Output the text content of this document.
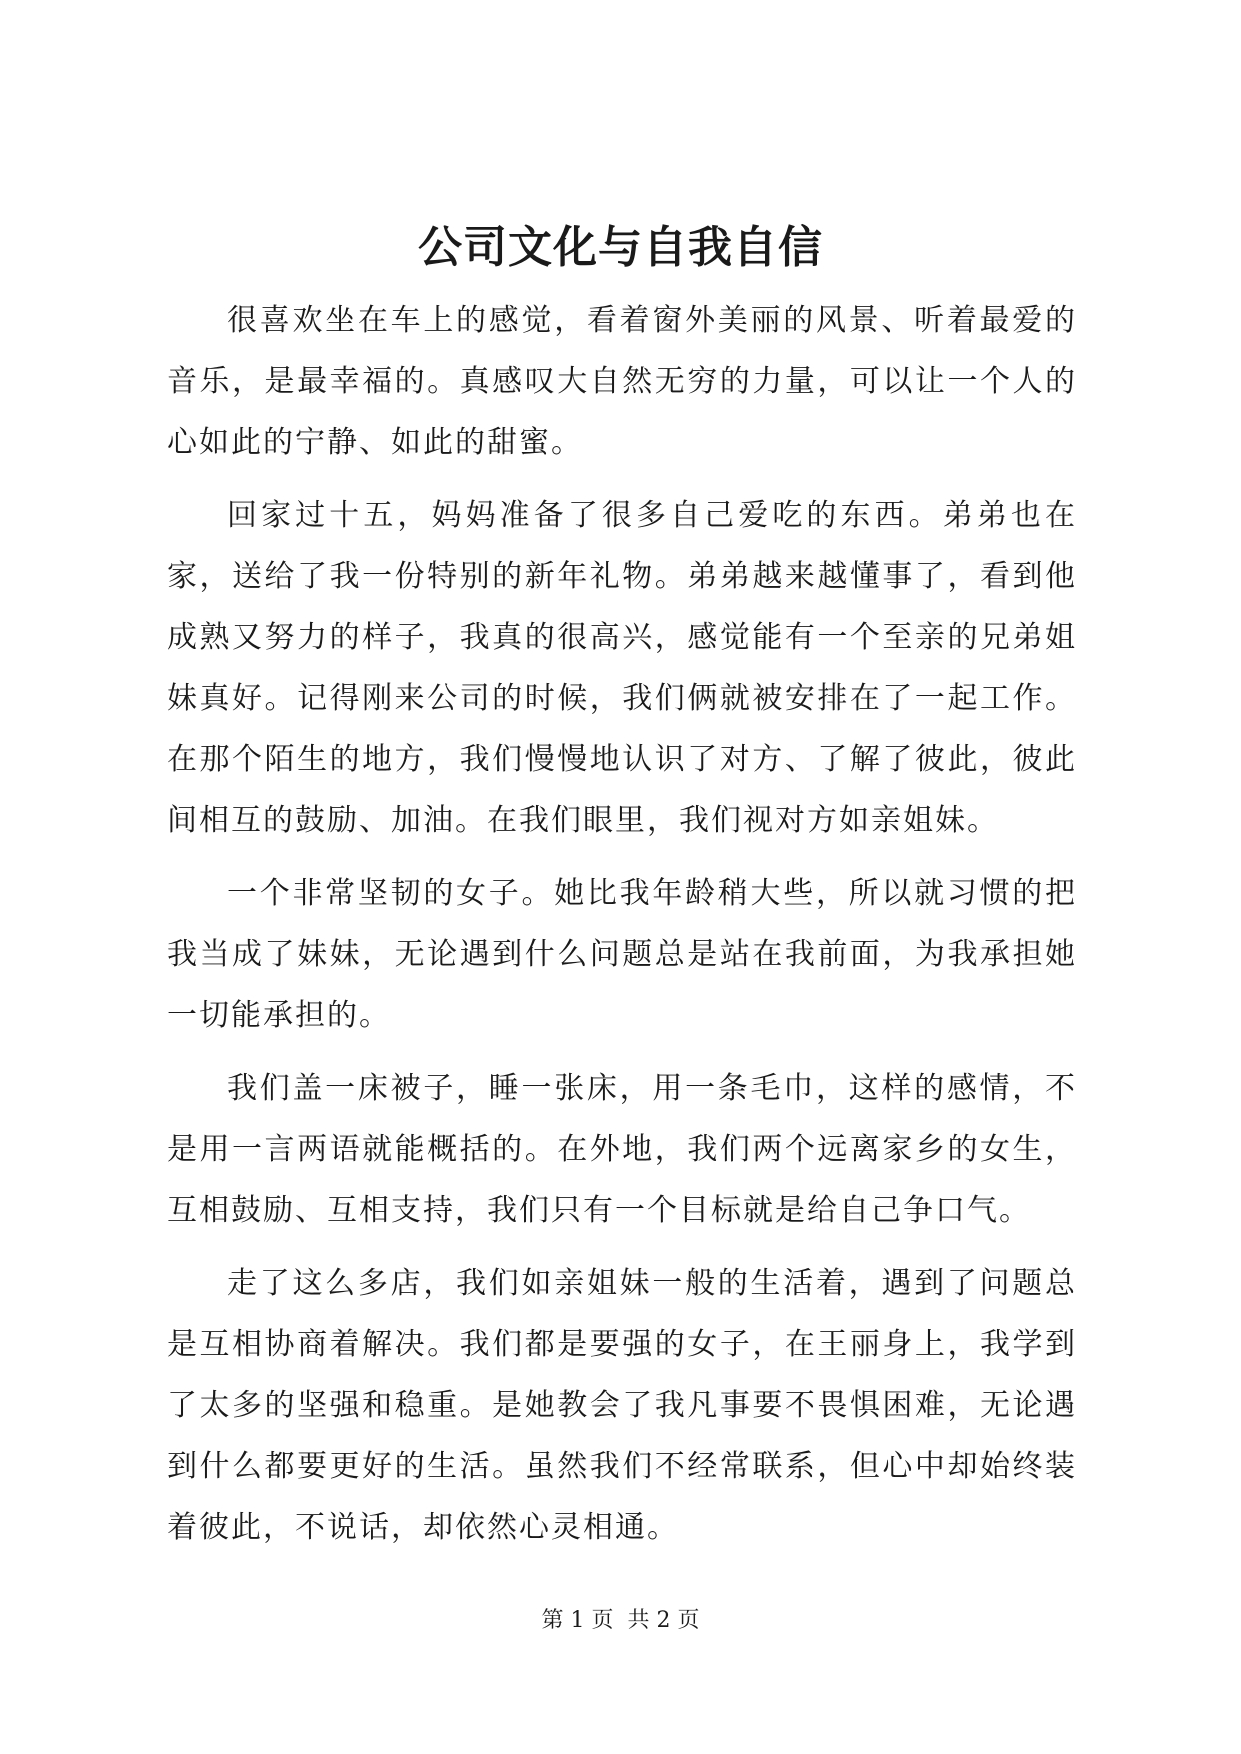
公司文化与自我自信

很喜欢坐在车上的感觉，看着窗外美丽的风景、听着最爱的音乐，是最幸福的。真感叹大自然无穷的力量，可以让一个人的心如此的宁静、如此的甜蜜。

回家过十五，妈妈准备了很多自己爱吃的东西。弟弟也在家，送给了我一份特别的新年礼物。弟弟越来越懂事了，看到他成熟又努力的样子，我真的很高兴，感觉能有一个至亲的兄弟姐妹真好。记得刚来公司的时候，我们俩就被安排在了一起工作。在那个陌生的地方，我们慢慢地认识了对方、了解了彼此，彼此间相互的鼓励、加油。在我们眼里，我们视对方如亲姐妹。

一个非常坚韧的女子。她比我年龄稍大些，所以就习惯的把我当成了妹妹，无论遇到什么问题总是站在我前面，为我承担她一切能承担的。

我们盖一床被子，睡一张床，用一条毛巾，这样的感情，不是用一言两语就能概括的。在外地，我们两个远离家乡的女生，互相鼓励、互相支持，我们只有一个目标就是给自己争口气。

走了这么多店，我们如亲姐妹一般的生活着，遇到了问题总是互相协商着解决。我们都是要强的女子，在王丽身上，我学到了太多的坚强和稳重。是她教会了我凡事要不畏惧困难，无论遇到什么都要更好的生活。虽然我们不经常联系，但心中却始终装着彼此，不说话，却依然心灵相通。

第 1 页  共 2 页
